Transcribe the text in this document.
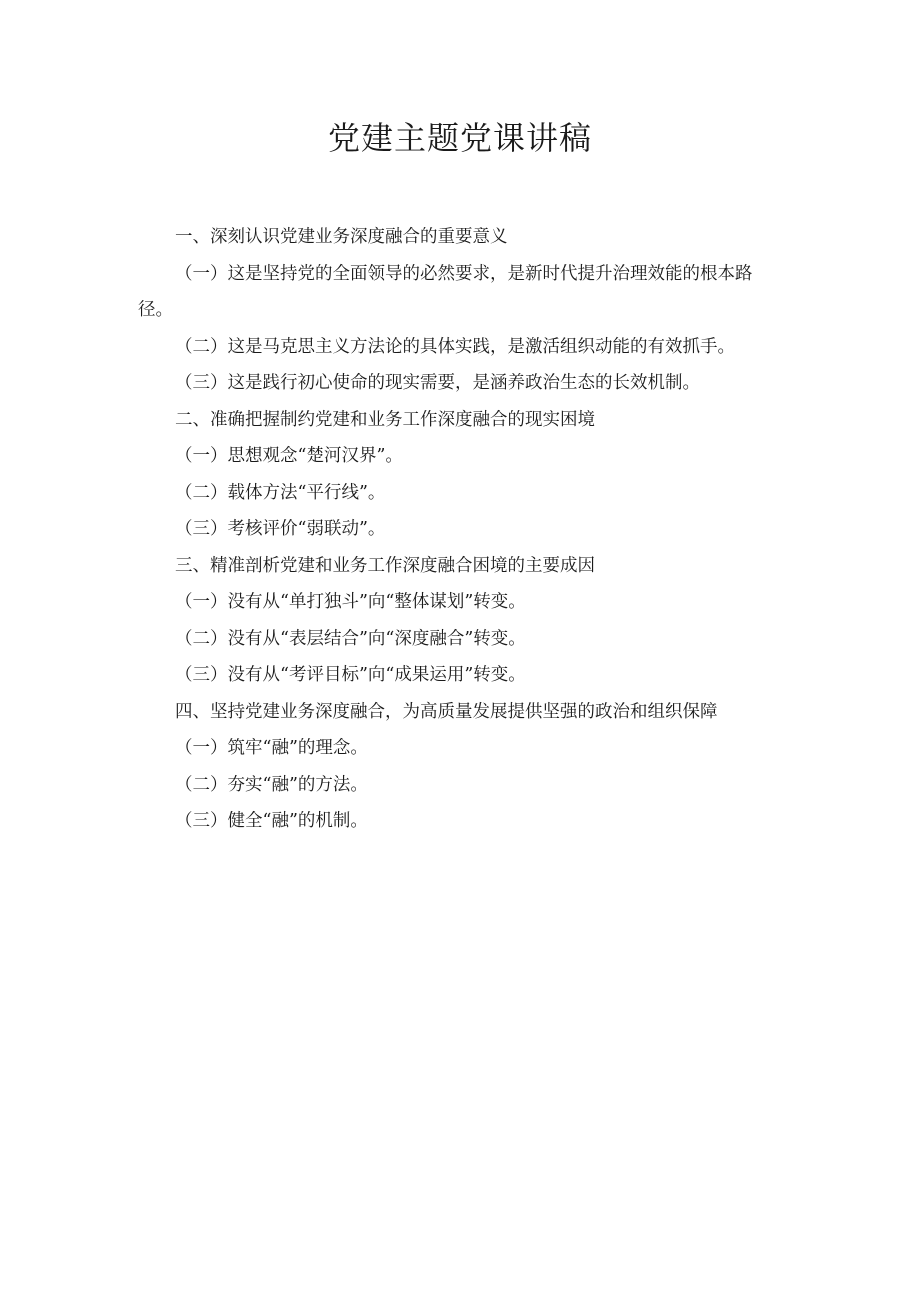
党建主题党课讲稿

一、深刻认识党建业务深度融合的重要意义

（一）这是坚持党的全面领导的必然要求，是新时代提升治理效能的根本路径。

（二）这是马克思主义方法论的具体实践，是激活组织动能的有效抓手。

（三）这是践行初心使命的现实需要，是涵养政治生态的长效机制。

二、准确把握制约党建和业务工作深度融合的现实困境

（一）思想观念“楚河汉界”。

（二）载体方法“平行线”。

（三）考核评价“弱联动”。

三、精准剖析党建和业务工作深度融合困境的主要成因

（一）没有从“单打独斗”向“整体谋划”转变。

（二）没有从“表层结合”向“深度融合”转变。

（三）没有从“考评目标”向“成果运用”转变。

四、坚持党建业务深度融合，为高质量发展提供坚强的政治和组织保障

（一）筑牢“融”的理念。

（二）夯实“融”的方法。

（三）健全“融”的机制。
